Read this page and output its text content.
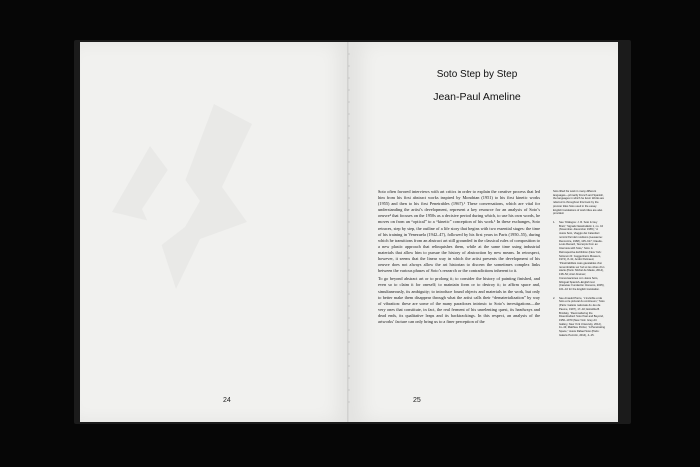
24
Soto Step by Step
Jean-Paul Ameline

Soto often favored interviews with art critics in order to explain the creative process that led him from his first abstract works inspired by Mondrian (1951) to his first kinetic works (1955) and then to his first Penetrables (1967).¹ These conversations, which are vital for understanding the artist’s development, represent a key resource for an analysis of Soto’s oeuvre² that focuses on the 1950s as a decisive period during which, to use his own words, he moves on from an “optical” to a “kinetic” conception of his work.¹ In these exchanges, Soto retraces, step by step, the outline of a life story that begins with two essential stages: the time of his training in Venezuela (1942–47), followed by his first years in Paris (1950–55), during which he transitions from an abstract art still grounded in the classical rules of composition to a new plastic approach that relinquishes them, while at the same time using industrial materials that allow him to pursue the history of abstraction by new means. In retrospect, however, it seems that the linear way in which the artist presents the development of his oeuvre does not always allow the art historian to discern the sometimes complex links between the various phases of Soto’s research or the contradictions inherent to it.

To go beyond abstract art or to prolong it; to consider the history of painting finished, and even so to claim it for oneself; to maintain form or to destroy it; to affirm space and, simultaneously, its ambiguity; to introduce found objects and materials in the work, but only to better make them disappear through what the artist calls their “dematerialization” by way of vibration: these are some of the many paradoxes intrinsic to Soto’s investigations—the very ones that constitute, in fact, the real ferment of his unrelenting quest, its headways and dead ends, its qualitative leaps and its backtrackings. In this respect, an analysis of the artworks’ facture can only bring us to a finer perception of the

Soto lifted his work in many different languages—primarily French and Spanish, the languages in which he lived. Works are referred to throughout this book by the premier titles Soto used in the essay. English translations of work titles are also provided.
1.	See “Diálogos: J. R. Soto & Guy Brett,” Signals Newsbulletin 1, no. 10 (November–December 1965); “A Jesús Soto, Viaggio dei Calendari nomini Pari del modismo (Lausanne: Rencontre, 1968), 105–617; Claude-Louis Renard, “Excerpts from an Interview with Soto,” Soto: A Retrospective Exhibition (New York: Solomon R. Guggenheim Museum, 1974), 8–31; André Parinaud, “Pénétrabilités mais géostables d’un remembrable sur l’art et les vibes d’un siècle (Paris: Michel de Maule, 2014), 138–52; Ariel Jiménez, Conversaciones con Jesús Soto, bilingual Spanish–English text (Caracas: Fundación Cisneros, 2005), 101–10 for the English translation.
2.	See Arnauld Pierre, “L’invisible et de Soto et le pictural du continuum,” Soto (Paris: Galerie nationale du Jeu de Paume, 1997), 17–32; Estrellita B. Brodsky, “Reconsidering the Disembodied: Soto Past and Beyond, 1950–1970 (New York: Grey Art Gallery, New York University, 2012), 11–43; Matthieu Poirier, “A Penetrating Space,” Jesús Rafael Soto (Paris: Galerie Perrotin, 2014), 4–15.
25
